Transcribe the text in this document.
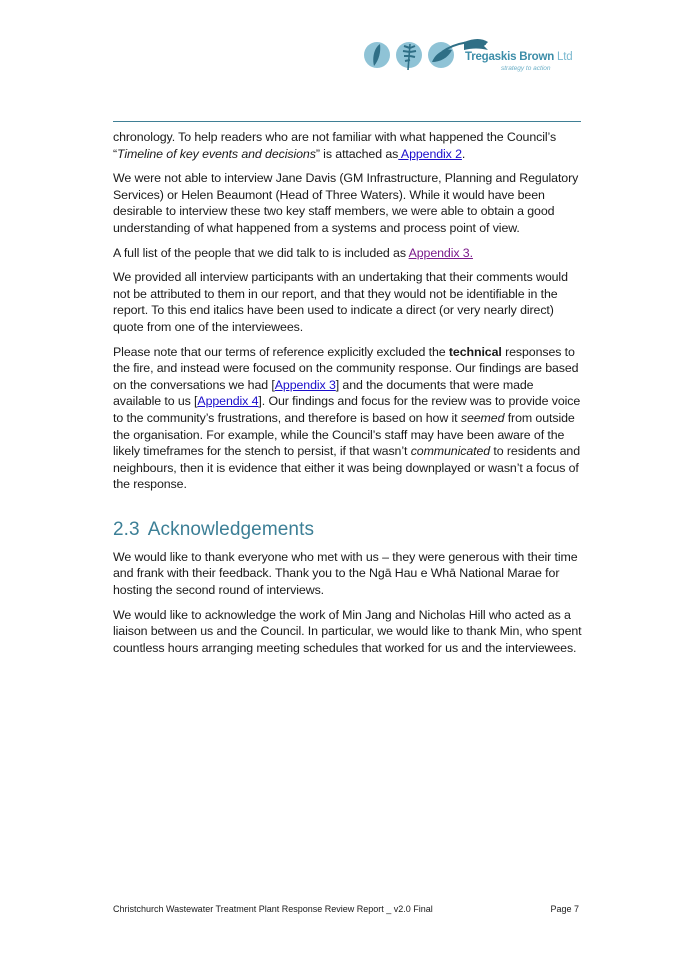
Tregaskis Brown Ltd
strategy to action

chronology. To help readers who are not familiar with what happened the Council’s “Timeline of key events and decisions” is attached as Appendix 2.

We were not able to interview Jane Davis (GM Infrastructure, Planning and Regulatory Services) or Helen Beaumont (Head of Three Waters). While it would have been desirable to interview these two key staff members, we were able to obtain a good understanding of what happened from a systems and process point of view.

A full list of the people that we did talk to is included as Appendix 3.

We provided all interview participants with an undertaking that their comments would not be attributed to them in our report, and that they would not be identifiable in the report. To this end italics have been used to indicate a direct (or very nearly direct) quote from one of the interviewees.

Please note that our terms of reference explicitly excluded the technical responses to the fire, and instead were focused on the community response. Our findings are based on the conversations we had [Appendix 3] and the documents that were made available to us [Appendix 4]. Our findings and focus for the review was to provide voice to the community’s frustrations, and therefore is based on how it seemed from outside the organisation. For example, while the Council’s staff may have been aware of the likely timeframes for the stench to persist, if that wasn’t communicated to residents and neighbours, then it is evidence that either it was being downplayed or wasn’t a focus of the response.

2.3 Acknowledgements

We would like to thank everyone who met with us – they were generous with their time and frank with their feedback. Thank you to the Ngā Hau e Whā National Marae for hosting the second round of interviews.

We would like to acknowledge the work of Min Jang and Nicholas Hill who acted as a liaison between us and the Council. In particular, we would like to thank Min, who spent countless hours arranging meeting schedules that worked for us and the interviewees.

Christchurch Wastewater Treatment Plant Response Review Report _ v2.0 Final	Page 7
